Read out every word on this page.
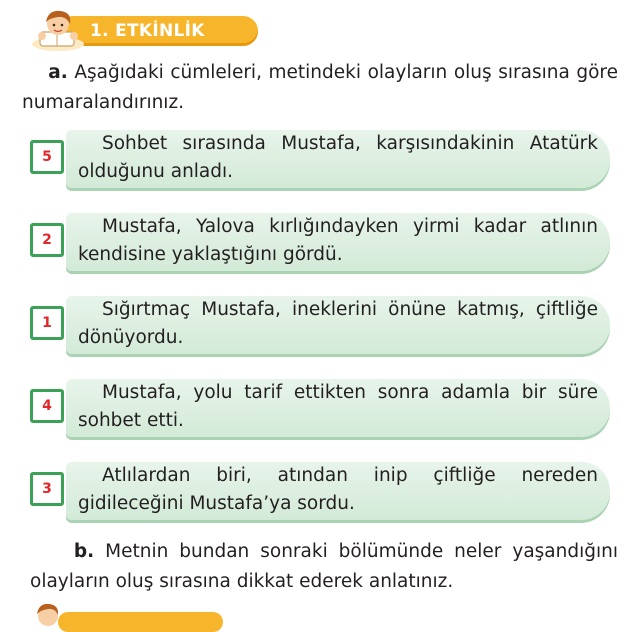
1. ETKİNLİK
a. Aşağıdaki cümleleri, metindeki olayların oluş sırasına göre numaralandırınız.
5
Sohbet sırasında Mustafa, karşısındakinin Atatürk olduğunu anladı.
2
Mustafa, Yalova kırlığındayken yirmi kadar atlının kendisine yaklaştığını gördü.
1
Sığırtmaç Mustafa, ineklerini önüne katmış, çiftliğe dönüyordu.
4
Mustafa, yolu tarif ettikten sonra adamla bir süre sohbet etti.
3
Atlılardan biri, atından inip çiftliğe nereden gidileceğini Mustafa’ya sordu.
b. Metnin bundan sonraki bölümünde neler yaşandığını olayların oluş sırasına dikkat ederek anlatınız.
